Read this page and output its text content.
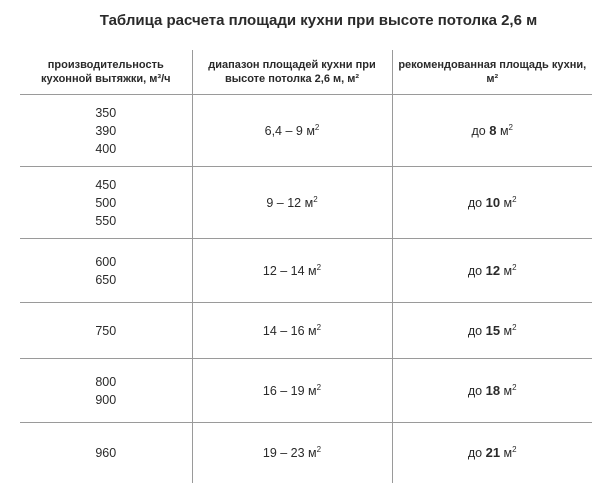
Таблица расчета площади кухни при высоте потолка 2,6 м
производительность кухонной вытяжки, м³/ч	диапазон площадей кухни при высоте потолка 2,6 м, м²	рекомендованная площадь кухни, м²

350
390
400	6,4 – 9 $м^2$	до 8 $м^2$

450
500
550	9 – 12 $м^2$	до 10 $м^2$

600
650	12 – 14 $м^2$	до 12 $м^2$

750	14 – 16 $м^2$	до 15 $м^2$

800
900	16 – 19 $м^2$	до 18 $м^2$

960	19 – 23 $м^2$	до 21 $м^2$
